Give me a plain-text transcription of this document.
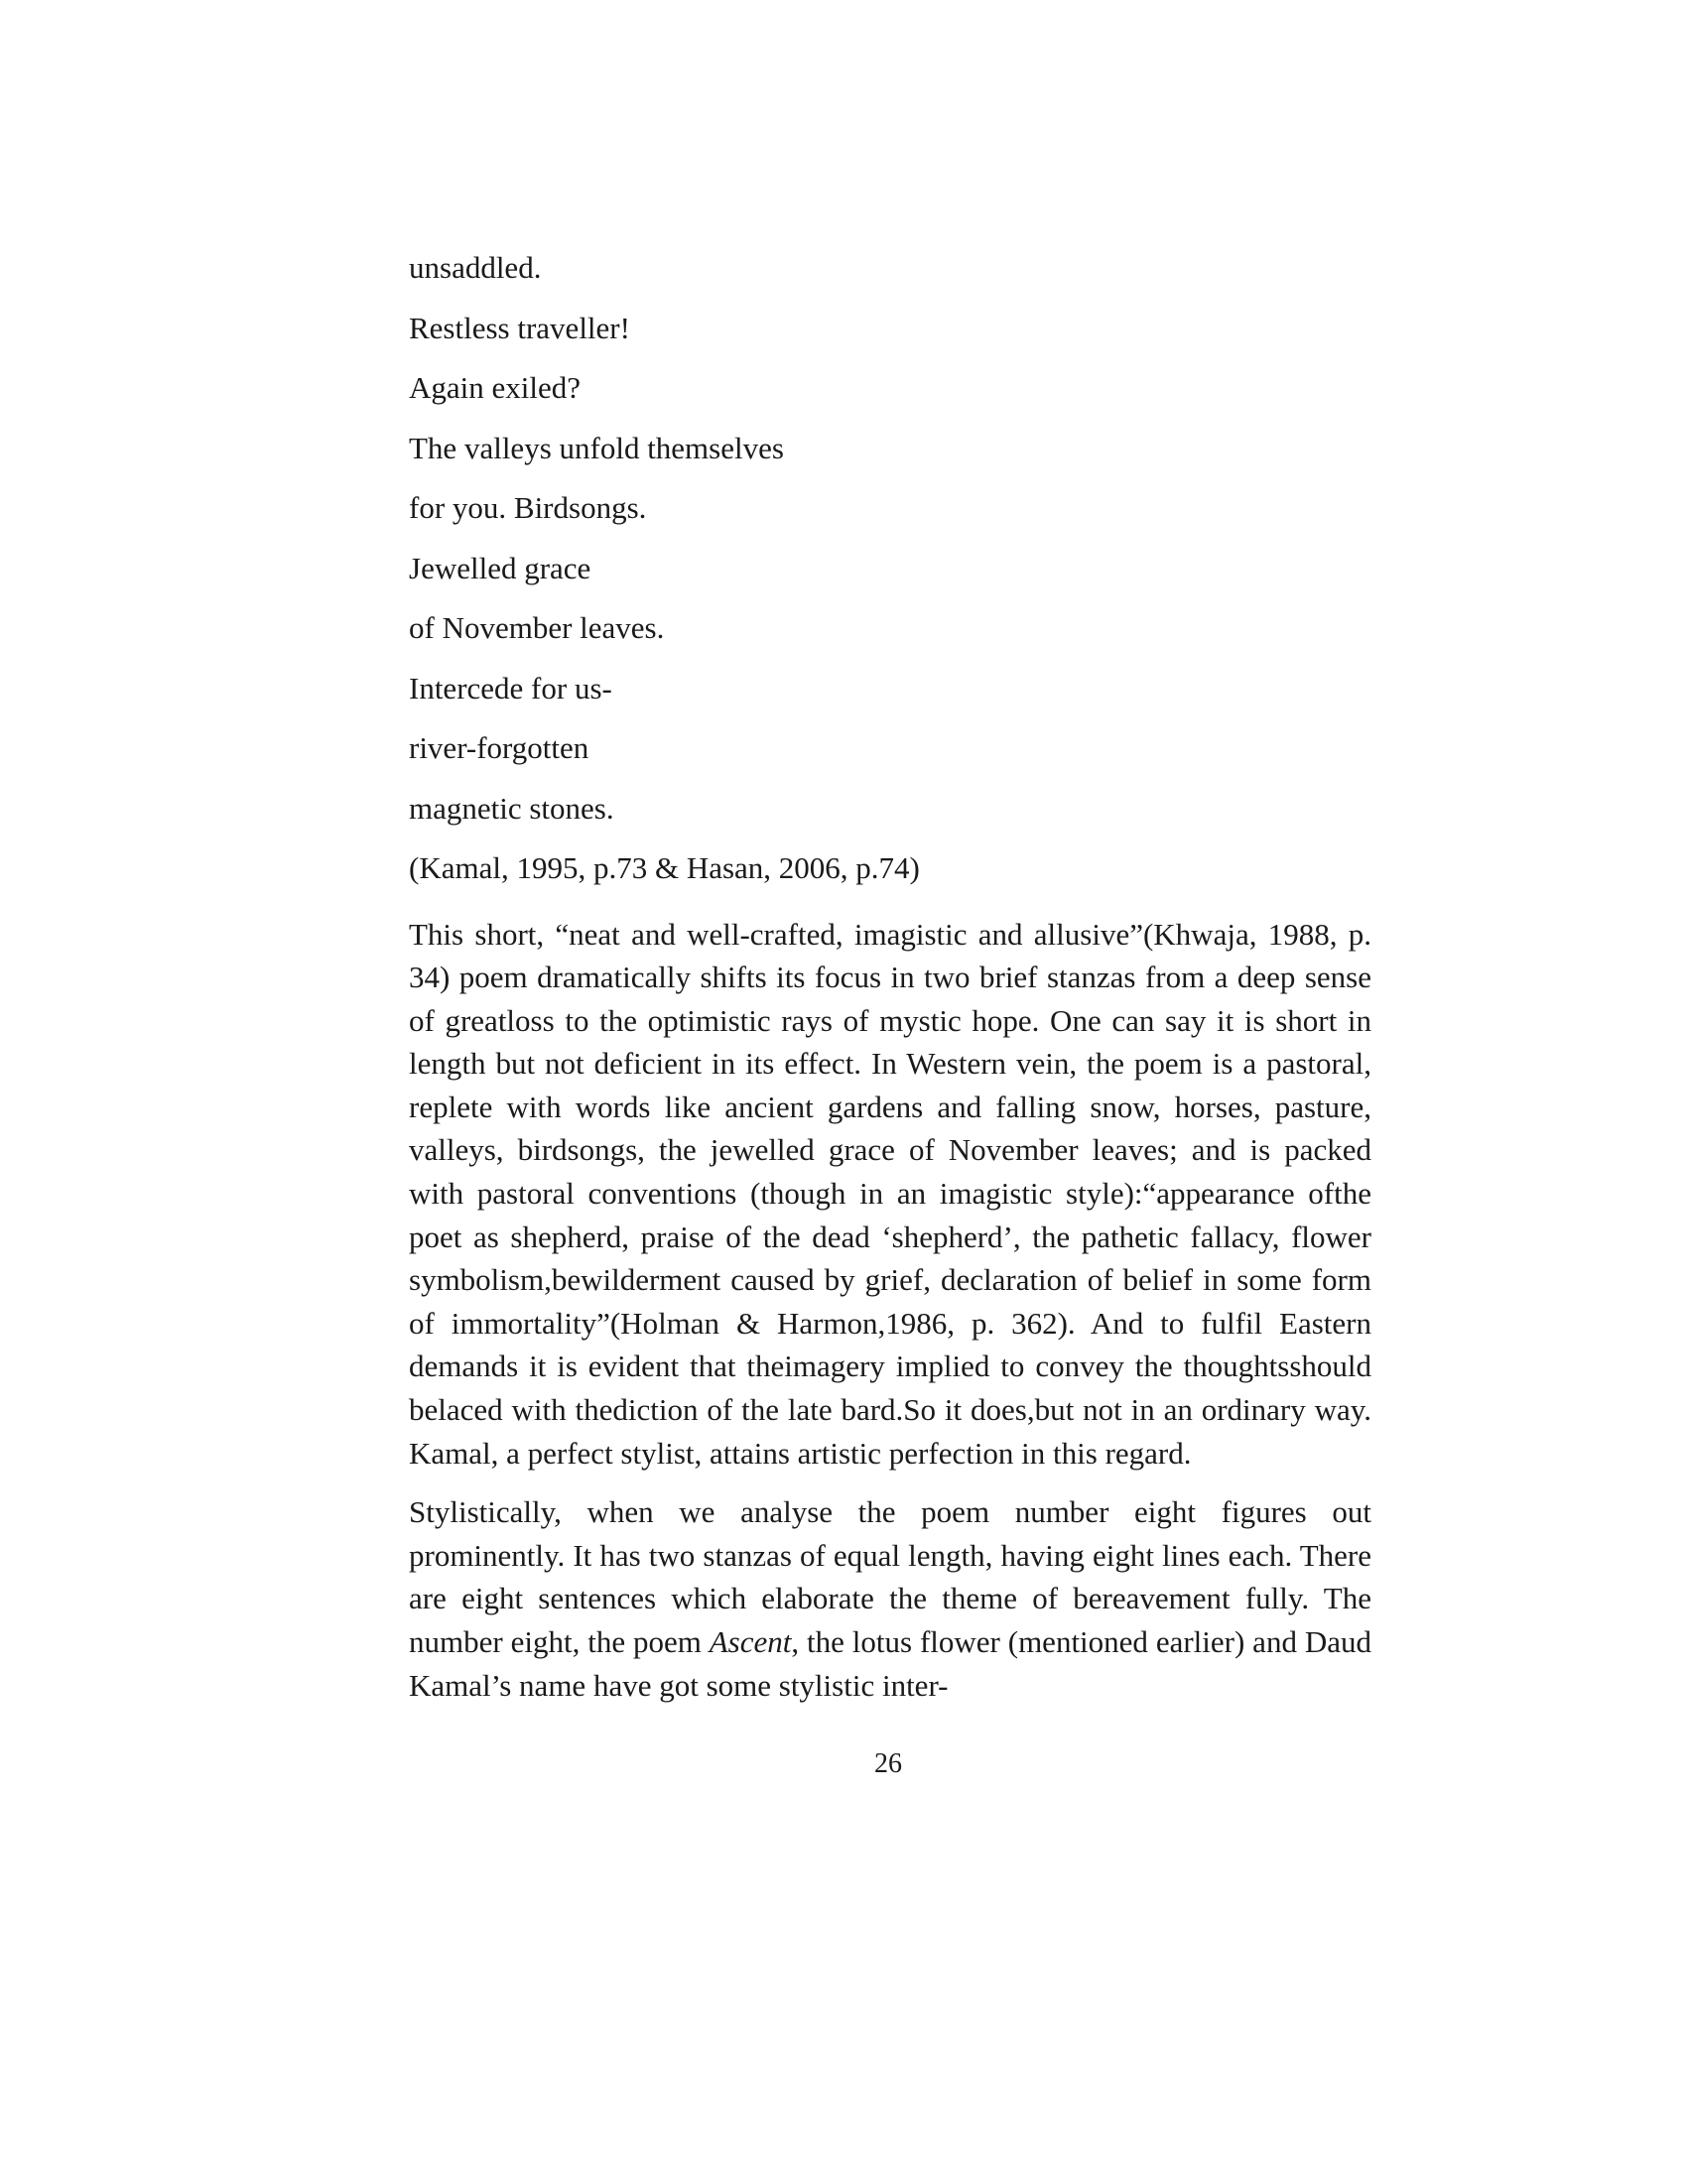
unsaddled.
Restless traveller!
Again exiled?
The valleys unfold themselves
for you. Birdsongs.
Jewelled grace
of November leaves.
Intercede for us-
river-forgotten
magnetic stones.
(Kamal, 1995, p.73 & Hasan, 2006, p.74)

This short, “neat and well-crafted, imagistic and allusive”(Khwaja, 1988, p. 34) poem dramatically shifts its focus in two brief stanzas from a deep sense of greatloss to the optimistic rays of mystic hope. One can say it is short in length but not deficient in its effect. In Western vein, the poem is a pastoral, replete with words like ancient gardens and falling snow, horses, pasture, valleys, birdsongs, the jewelled grace of November leaves; and is packed with pastoral conventions (though in an imagistic style):“appearance ofthe poet as shepherd, praise of the dead ‘shepherd’, the pathetic fallacy, flower symbolism,bewilderment caused by grief, declaration of belief in some form of immortality”(Holman & Harmon,1986, p. 362). And to fulfil Eastern demands it is evident that theimagery implied to convey the thoughtsshould belaced with thediction of the late bard.So it does,but not in an ordinary way. Kamal, a perfect stylist, attains artistic perfection in this regard.

Stylistically, when we analyse the poem number eight figures out prominently. It has two stanzas of equal length, having eight lines each. There are eight sentences which elaborate the theme of bereavement fully. The number eight, the poem Ascent, the lotus flower (mentioned earlier) and Daud Kamal’s name have got some stylistic inter-

26
